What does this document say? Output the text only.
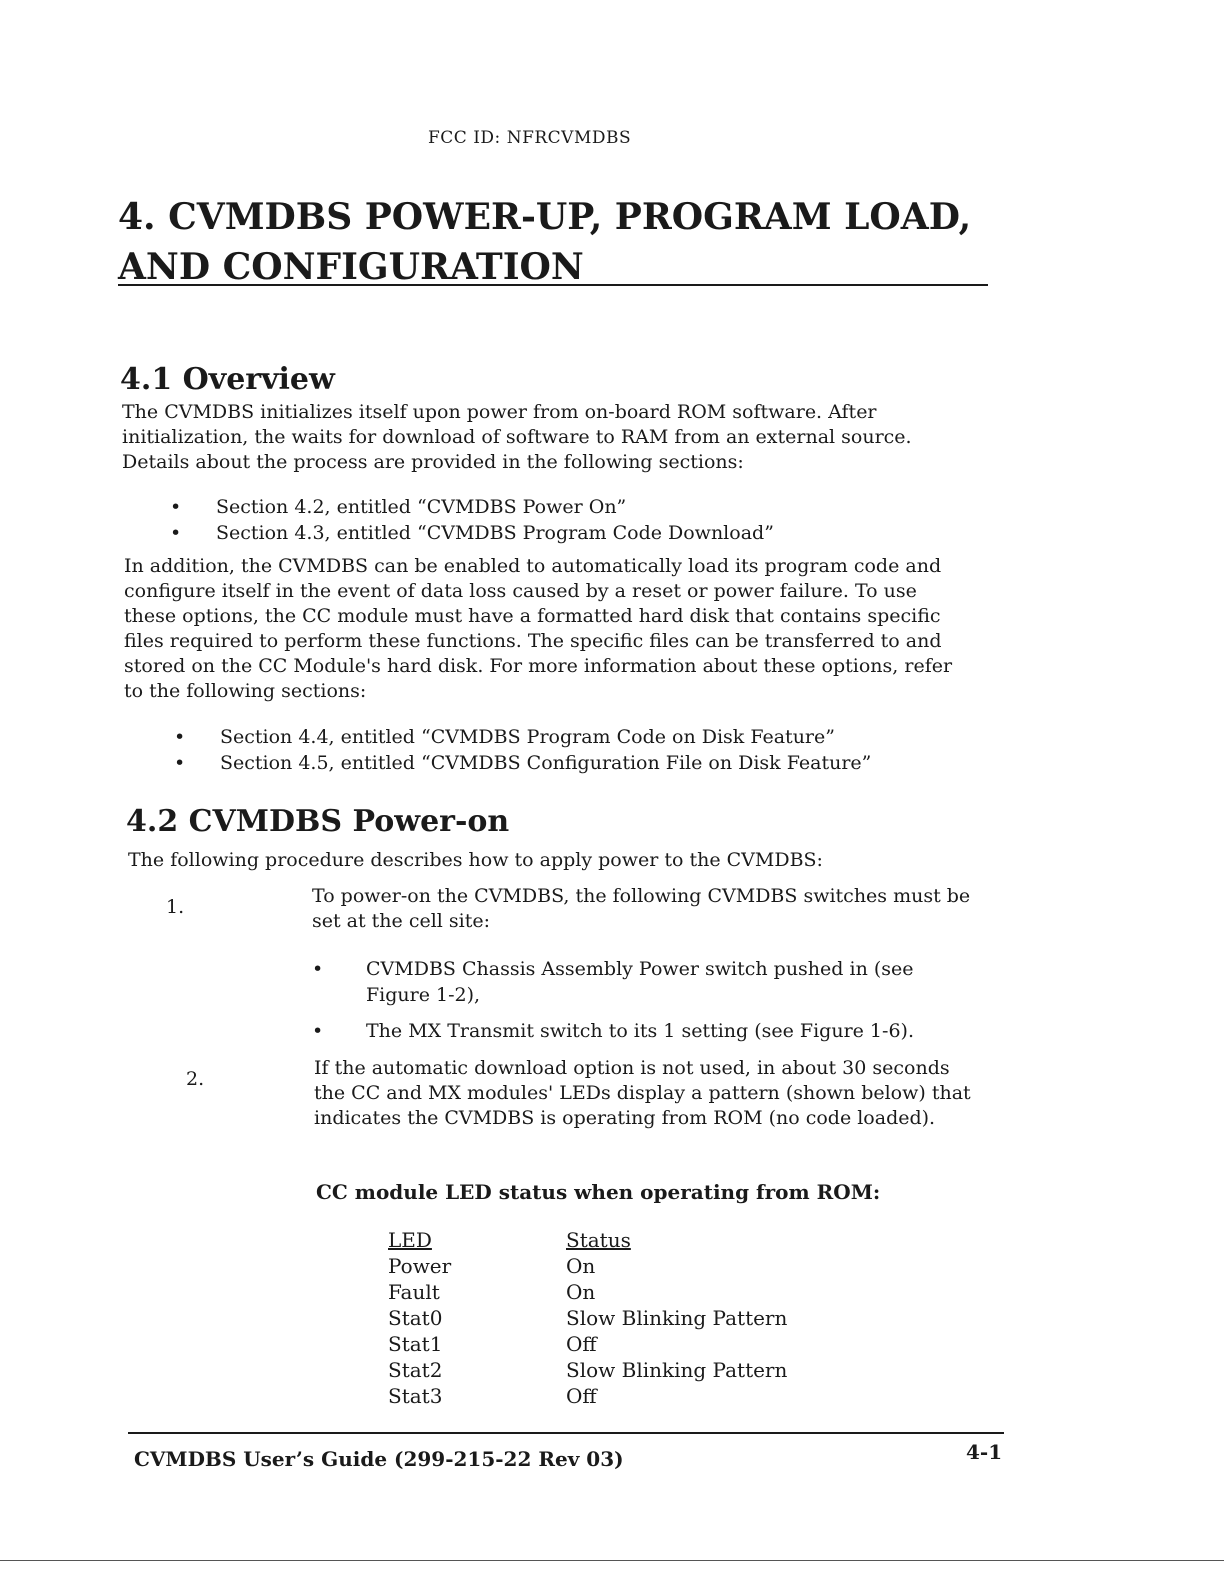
FCC ID: NFRCVMDBS
4. CVMDBS POWER-UP, PROGRAM LOAD,
AND CONFIGURATION
4.1 Overview

The CVMDBS initializes itself upon power from on-board ROM software. After initialization, the waits for download of software to RAM from an external source. Details about the process are provided in the following sections:

• Section 4.2, entitled “CVMDBS Power On”
• Section 4.3, entitled “CVMDBS Program Code Download”

In addition, the CVMDBS can be enabled to automatically load its program code and configure itself in the event of data loss caused by a reset or power failure. To use these options, the CC module must have a formatted hard disk that contains specific files required to perform these functions. The specific files can be transferred to and stored on the CC Module's hard disk. For more information about these options, refer to the following sections:

• Section 4.4, entitled “CVMDBS Program Code on Disk Feature”
• Section 4.5, entitled “CVMDBS Configuration File on Disk Feature”
4.2 CVMDBS Power-on

The following procedure describes how to apply power to the CVMDBS:

1.	To power-on the CVMDBS, the following CVMDBS switches must be set at the cell site:

• CVMDBS Chassis Assembly Power switch pushed in (see Figure 1-2),
• The MX Transmit switch to its 1 setting (see Figure 1-6).
2.	If the automatic download option is not used, in about 30 seconds the CC and MX modules' LEDs display a pattern (shown below) that indicates the CVMDBS is operating from ROM (no code loaded).

CC module LED status when operating from ROM:
LED	Status
Power	On
Fault	On
Stat0	Slow Blinking Pattern
Stat1	Off
Stat2	Slow Blinking Pattern
Stat3	Off
CVMDBS User’s Guide (299-215-22 Rev 03)	4-1
